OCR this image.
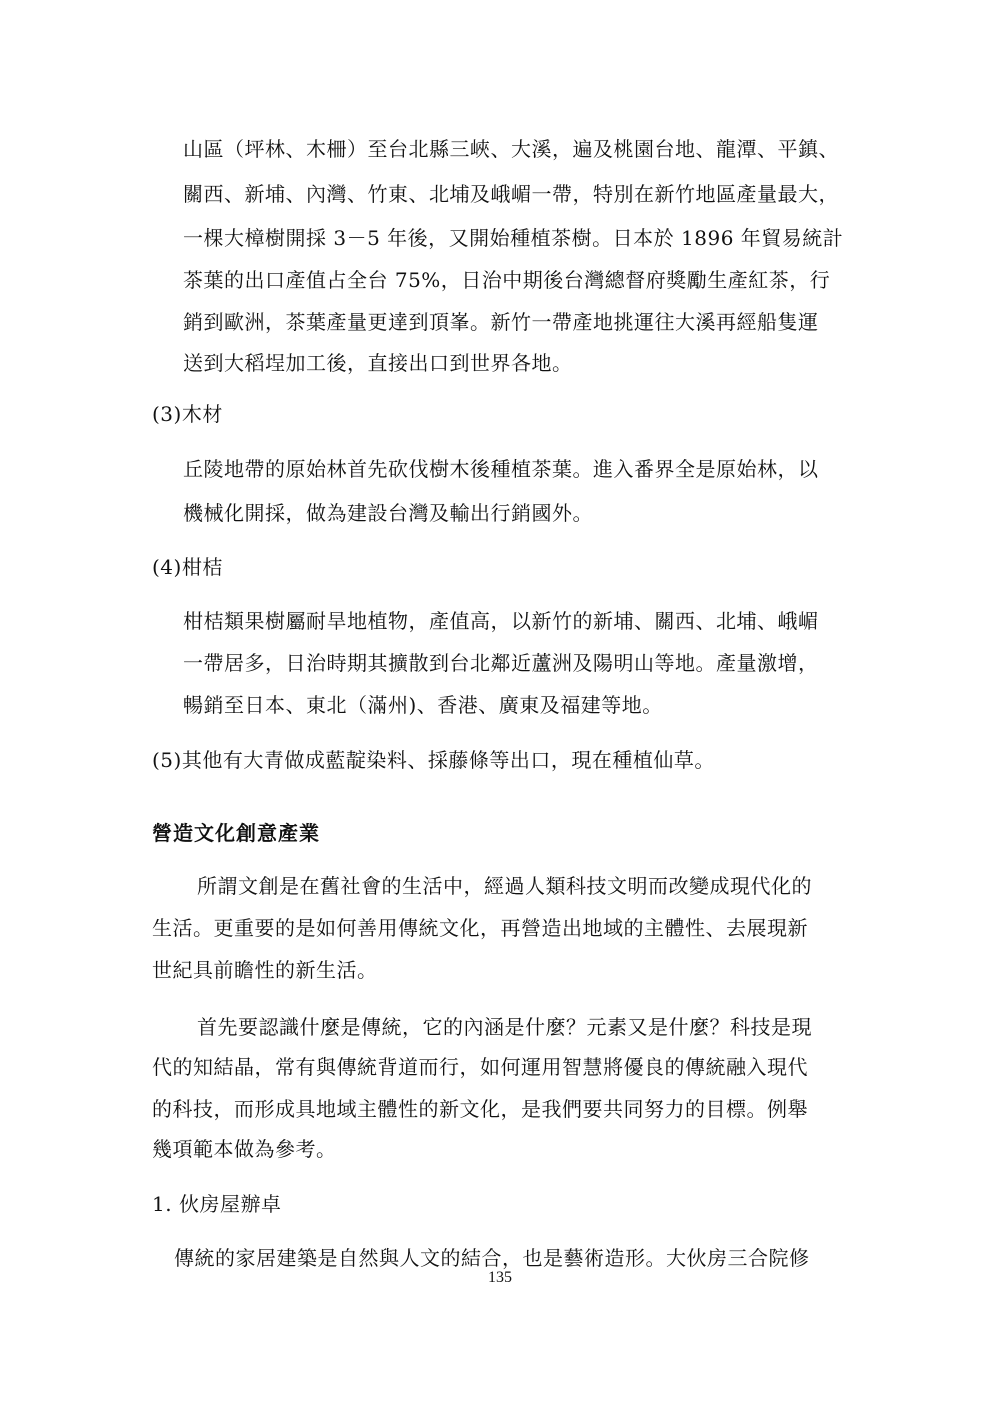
山區（坪林、木柵）至台北縣三峽、大溪，遍及桃園台地、龍潭、平鎮、

關西、新埔、內灣、竹東、北埔及峨嵋一帶，特別在新竹地區產量最大，

一棵大樟樹開採 3－5 年後，又開始種植茶樹。日本於 1896 年貿易統計

茶葉的出口產值占全台 75%，日治中期後台灣總督府獎勵生產紅茶，行

銷到歐洲，茶葉產量更達到頂峯。新竹一帶產地挑運往大溪再經船隻運

送到大稻埕加工後，直接出口到世界各地。

(3)木材

丘陵地帶的原始林首先砍伐樹木後種植茶葉。進入番界全是原始林，以

機械化開採，做為建設台灣及輸出行銷國外。

(4)柑桔

柑桔類果樹屬耐旱地植物，產值高，以新竹的新埔、關西、北埔、峨嵋

一帶居多，日治時期其擴散到台北鄰近蘆洲及陽明山等地。產量激增，

暢銷至日本、東北（滿州)、香港、廣東及福建等地。

(5)其他有大青做成藍靛染料、採藤條等出口，現在種植仙草。

營造文化創意產業

所謂文創是在舊社會的生活中，經過人類科技文明而改變成現代化的

生活。更重要的是如何善用傳統文化，再營造出地域的主體性、去展現新

世紀具前瞻性的新生活。

首先要認識什麼是傳統，它的內涵是什麼？元素又是什麼？科技是現

代的知結晶，常有與傳統背道而行，如何運用智慧將優良的傳統融入現代

的科技，而形成具地域主體性的新文化，是我們要共同努力的目標。例舉

幾項範本做為參考。

1. 伙房屋辦卓

傳統的家居建築是自然與人文的結合，也是藝術造形。大伙房三合院修

135
